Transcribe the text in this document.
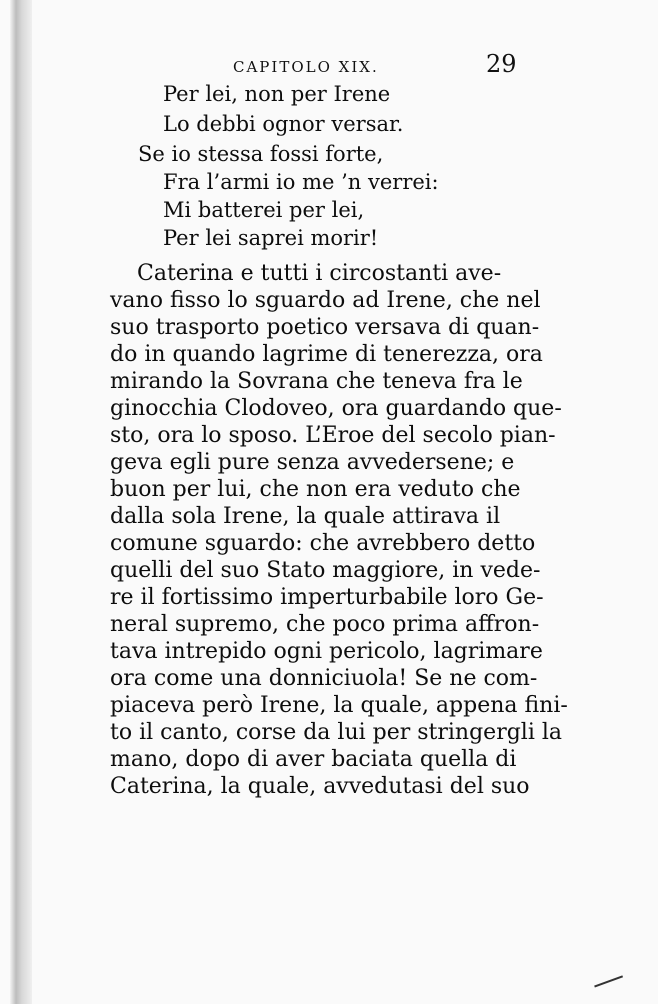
CAPITOLO XIX.	29
Per lei, non per Irene
Lo debbi ognor versar.
Se io stessa fossi forte,
Fra l’armi io me ’n verrei:
Mi batterei per lei,
Per lei saprei morir!
Caterina e tutti i circostanti ave-
vano fisso lo sguardo ad Irene, che nel
suo trasporto poetico versava di quan-
do in quando lagrime di tenerezza, ora
mirando la Sovrana che teneva fra le
ginocchia Clodoveo, ora guardando que-
sto, ora lo sposo. L’Eroe del secolo pian-
geva egli pure senza avvedersene; e
buon per lui, che non era veduto che
dalla sola Irene, la quale attirava il
comune sguardo: che avrebbero detto
quelli del suo Stato maggiore, in vede-
re il fortissimo imperturbabile loro Ge-
neral supremo, che poco prima affron-
tava intrepido ogni pericolo, lagrimare
ora come una donniciuola! Se ne com-
piaceva però Irene, la quale, appena fini-
to il canto, corse da lui per stringergli la
mano, dopo di aver baciata quella di
Caterina, la quale, avvedutasi del suo
